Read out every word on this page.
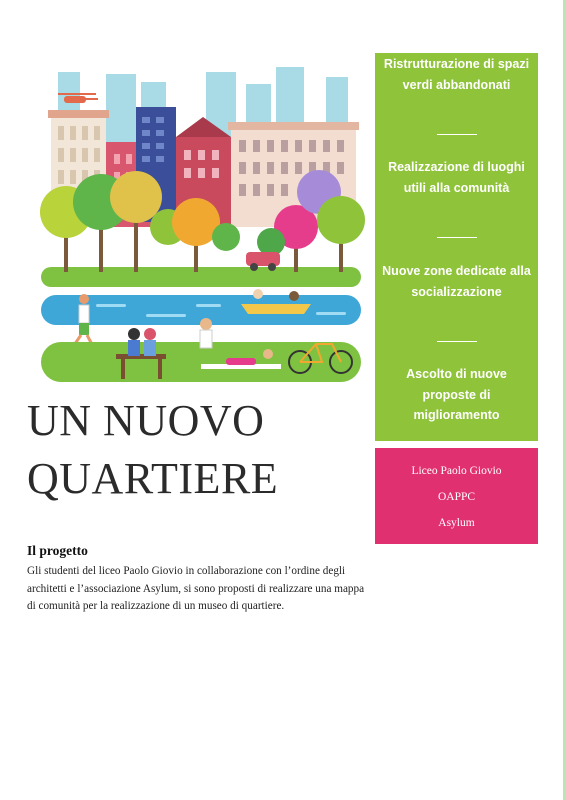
UN NUOVO
QUARTIERE
Il progetto
Gli studenti del liceo Paolo Giovio in collaborazione con l’ordine degli architetti e l’associazione Asylum, si sono proposti di realizzare una mappa di comunità per la realizzazione di un museo di quartiere.
Ristrutturazione di spazi verdi abbandonati
Realizzazione di luoghi utili alla comunità
Nuove zone dedicate alla socializzazione
Ascolto di nuove proposte di miglioramento
Liceo Paolo Giovio
OAPPC
Asylum
